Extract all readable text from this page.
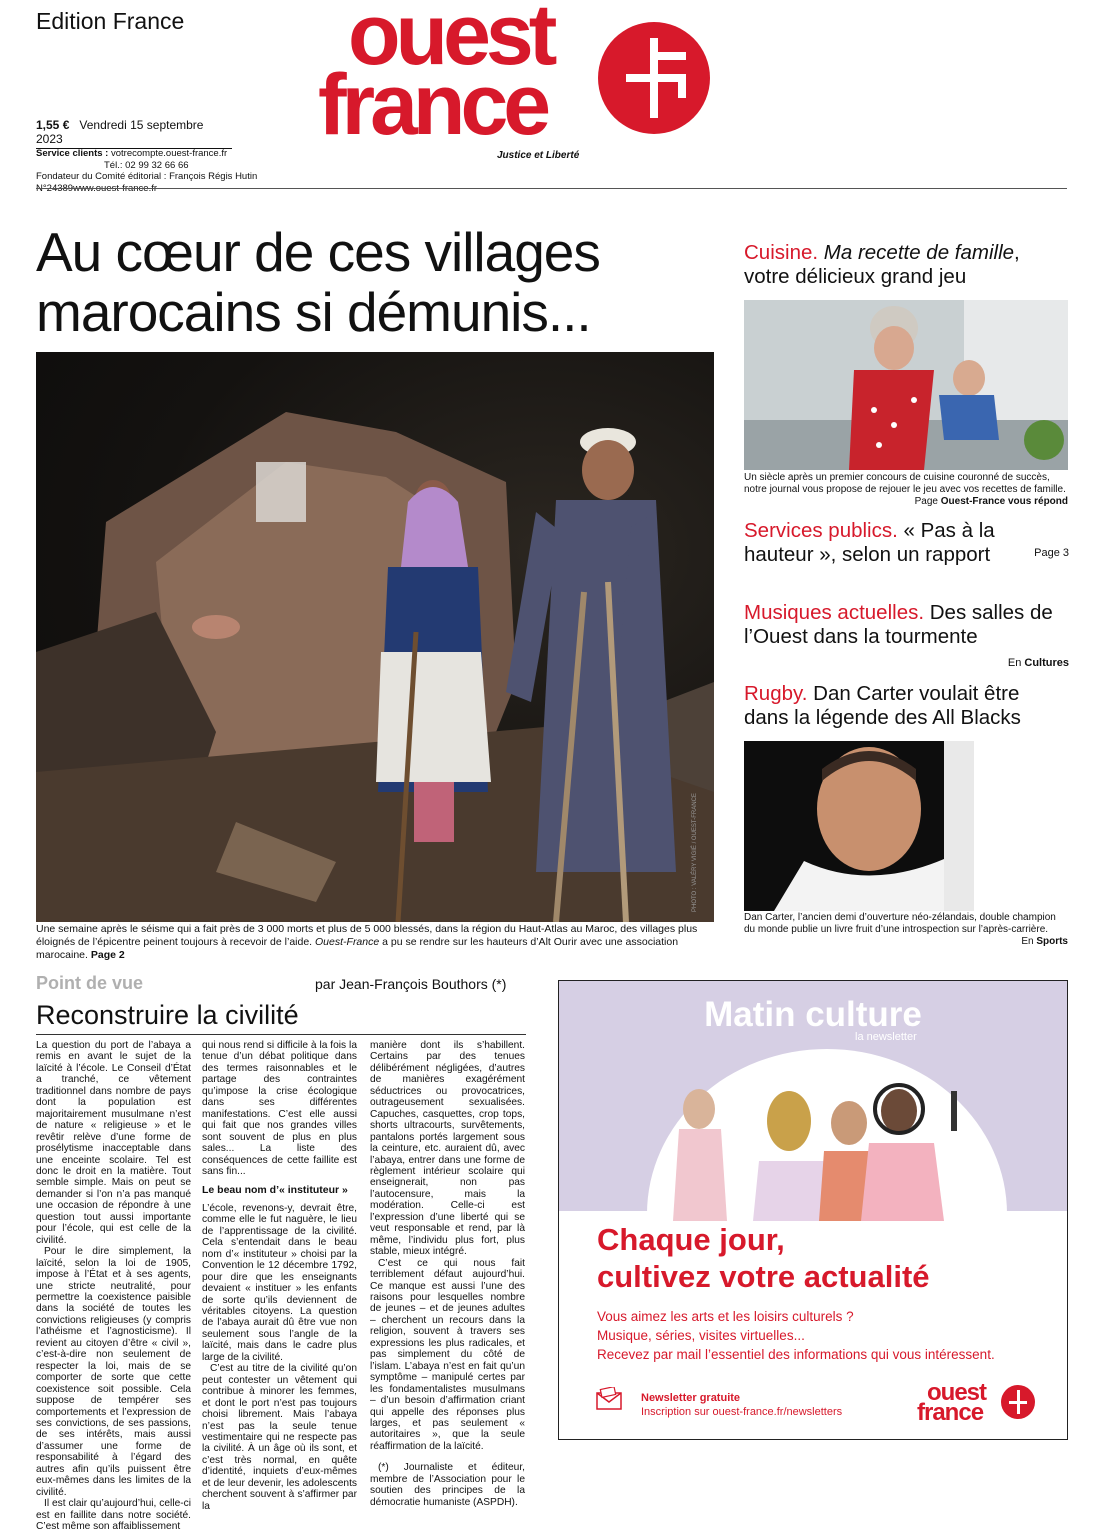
Edition France ouest
france
Justice et Liberté
1,55 € Vendredi 15 septembre 2023
Service clients : votrecompte.ouest-france.fr
Tél.: 02 99 32 66 66
Fondateur du Comité éditorial : François Régis Hutin
N°24389www.ouest-france.fr
Au cœur de ces villages marocains si démunis...
PHOTO : VALÉRY VIGIÉ / OUEST-FRANCE
Une semaine après le séisme qui a fait près de 3 000 morts et plus de 5 000 blessés, dans la région du Haut-Atlas au Maroc, des villages plus éloignés de l’épicentre peinent toujours à recevoir de l’aide. Ouest-France a pu se rendre sur les hauteurs d’Alt Ourir avec une association marocaine. Page 2
Cuisine. Ma recette de famille, votre délicieux grand jeu
Un siècle après un premier concours de cuisine couronné de succès, notre journal vous propose de rejouer le jeu avec vos recettes de famille.
Page Ouest-France vous répond
Services publics. « Pas à la hauteur », selon un rapport	Page 3
Musiques actuelles. Des salles de l’Ouest dans la tourmente
En Cultures
Rugby. Dan Carter voulait être dans la légende des All Blacks
Dan Carter, l’ancien demi d’ouverture néo-zélandais, double champion du monde publie un livre fruit d’une introspection sur l’après-carrière.
En Sports
Point de vue	par Jean-François Bouthors (*)
Reconstruire la civilité

La question du port de l’abaya a remis en avant le sujet de la laïcité à l’école. Le Conseil d’État a tranché, ce vêtement traditionnel dans nombre de pays dont la population est majoritairement musulmane n’est de nature « religieuse » et le revêtir relève d’une forme de prosélytisme inacceptable dans une enceinte scolaire. Tel est donc le droit en la matière. Tout semble simple. Mais on peut se demander si l’on n’a pas manqué une occasion de répondre à une question tout aussi importante pour l’école, qui est celle de la civilité.

Pour le dire simplement, la laïcité, selon la loi de 1905, impose à l’État et à ses agents, une stricte neutralité, pour permettre la coexistence paisible dans la société de toutes les convictions religieuses (y compris l’athéisme et l’agnosticisme). Il revient au citoyen d’être « civil », c’est-à-dire non seulement de respecter la loi, mais de se comporter de sorte que cette coexistence soit possible. Cela suppose de tempérer ses comportements et l’expression de ses convictions, de ses passions, de ses intérêts, mais aussi d’assumer une forme de responsabilité à l’égard des autres afin qu’ils puissent être eux-mêmes dans les limites de la civilité.

Il est clair qu’aujourd’hui, celle-ci est en faillite dans notre société. C’est même son affaiblissement

qui nous rend si difficile à la fois la tenue d’un débat politique dans des termes raisonnables et le partage des contraintes qu’impose la crise écologique dans ses différentes manifestations. C’est elle aussi qui fait que nos grandes villes sont souvent de plus en plus sales... La liste des conséquences de cette faillite est sans fin...

Le beau nom d’« instituteur »

L’école, revenons-y, devrait être, comme elle le fut naguère, le lieu de l’apprentissage de la civilité. Cela s’entendait dans le beau nom d’« instituteur » choisi par la Convention le 12 décembre 1792, pour dire que les enseignants devaient « instituer » les enfants de sorte qu’ils deviennent de véritables citoyens. La question de l’abaya aurait dû être vue non seulement sous l’angle de la laïcité, mais dans le cadre plus large de la civilité.

C’est au titre de la civilité qu’on peut contester un vêtement qui contribue à minorer les femmes, et dont le port n’est pas toujours choisi librement. Mais l’abaya n’est pas la seule tenue vestimentaire qui ne respecte pas la civilité. À un âge où ils sont, et c’est très normal, en quête d’identité, inquiets d’eux-mêmes et de leur devenir, les adolescents cherchent souvent à s’affirmer par la

manière dont ils s’habillent. Certains par des tenues délibérément négligées, d’autres de manières exagérément séductrices ou provocatrices, outrageusement sexualisées. Capuches, casquettes, crop tops, shorts ultracourts, survêtements, pantalons portés largement sous la ceinture, etc. auraient dû, avec l’abaya, entrer dans une forme de règlement intérieur scolaire qui enseignerait, non pas l’autocensure, mais la modération. Celle-ci est l’expression d’une liberté qui se veut responsable et rend, par là même, l’individu plus fort, plus stable, mieux intégré.

C’est ce qui nous fait terriblement défaut aujourd’hui. Ce manque est aussi l’une des raisons pour lesquelles nombre de jeunes – et de jeunes adultes – cherchent un recours dans la religion, souvent à travers ses expressions les plus radicales, et pas simplement du côté de l’islam. L’abaya n’est en fait qu’un symptôme – manipulé certes par les fondamentalistes musulmans – d’un besoin d’affirmation criant qui appelle des réponses plus larges, et pas seulement « autoritaires », que la seule réaffirmation de la laïcité.

(*) Journaliste et éditeur, membre de l’Association pour le soutien des principes de la démocratie humaniste (ASPDH).

Matin culture
la newsletter
Chaque jour,
cultivez votre actualité
Vous aimez les arts et les loisirs culturels ?
Musique, séries, visites virtuelles...
Recevez par mail l’essentiel des informations qui vous intéressent.
Newsletter gratuite
Inscription sur ouest-france.fr/newsletters
ouest
france
